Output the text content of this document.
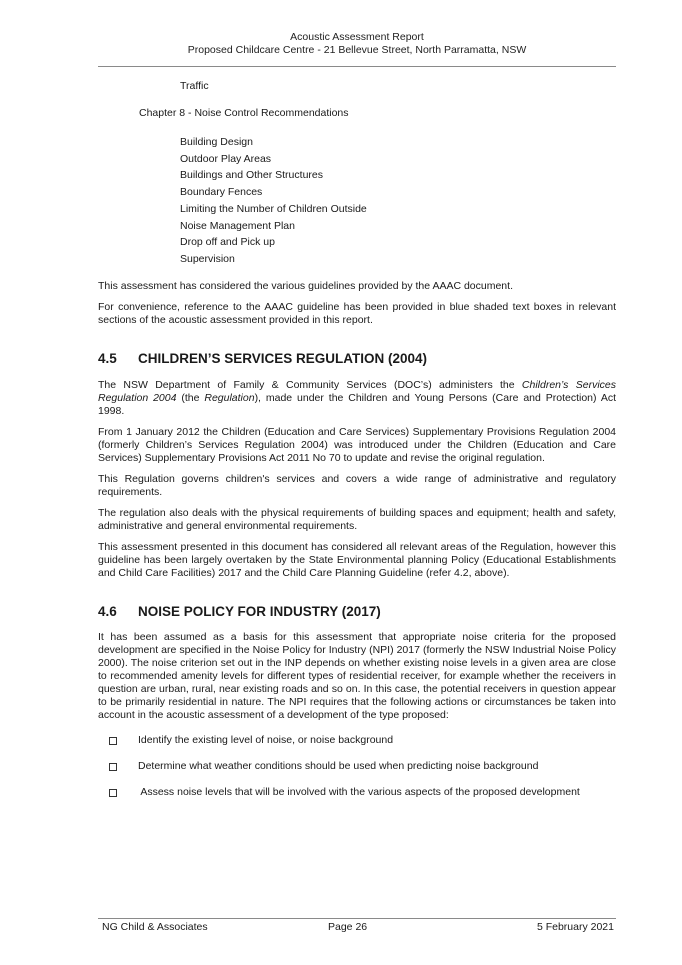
Acoustic Assessment Report
Proposed Childcare Centre - 21 Bellevue Street, North Parramatta, NSW
Traffic
Chapter 8 - Noise Control Recommendations
Building Design
Outdoor Play Areas
Buildings and Other Structures
Boundary Fences
Limiting the Number of Children Outside
Noise Management Plan
Drop off and Pick up
Supervision

This assessment has considered the various guidelines provided by the AAAC document.

For convenience, reference to the AAAC guideline has been provided in blue shaded text boxes in relevant sections of the acoustic assessment provided in this report.

4.5 CHILDREN’S SERVICES REGULATION (2004)

The NSW Department of Family & Community Services (DOC’s) administers the Children’s Services Regulation 2004 (the Regulation), made under the Children and Young Persons (Care and Protection) Act 1998.

From 1 January 2012 the Children (Education and Care Services) Supplementary Provisions Regulation 2004 (formerly Children’s Services Regulation 2004) was introduced under the Children (Education and Care Services) Supplementary Provisions Act 2011 No 70 to update and revise the original regulation.

This Regulation governs children's services and covers a wide range of administrative and regulatory requirements.

The regulation also deals with the physical requirements of building spaces and equipment; health and safety, administrative and general environmental requirements.

This assessment presented in this document has considered all relevant areas of the Regulation, however this guideline has been largely overtaken by the State Environmental planning Policy (Educational Establishments and Child Care Facilities) 2017 and the Child Care Planning Guideline (refer 4.2, above).

4.6 NOISE POLICY FOR INDUSTRY (2017)

It has been assumed as a basis for this assessment that appropriate noise criteria for the proposed development are specified in the Noise Policy for Industry (NPI) 2017 (formerly the NSW Industrial Noise Policy 2000). The noise criterion set out in the INP depends on whether existing noise levels in a given area are close to recommended amenity levels for different types of residential receiver, for example whether the receivers in question are urban, rural, near existing roads and so on. In this case, the potential receivers in question appear to be primarily residential in nature. The NPI requires that the following actions or circumstances be taken into account in the acoustic assessment of a development of the type proposed:

Identify the existing level of noise, or noise background
Determine what weather conditions should be used when predicting noise background
Assess noise levels that will be involved with the various aspects of the proposed development
NG Child & Associates	Page 26	5 February 2021
